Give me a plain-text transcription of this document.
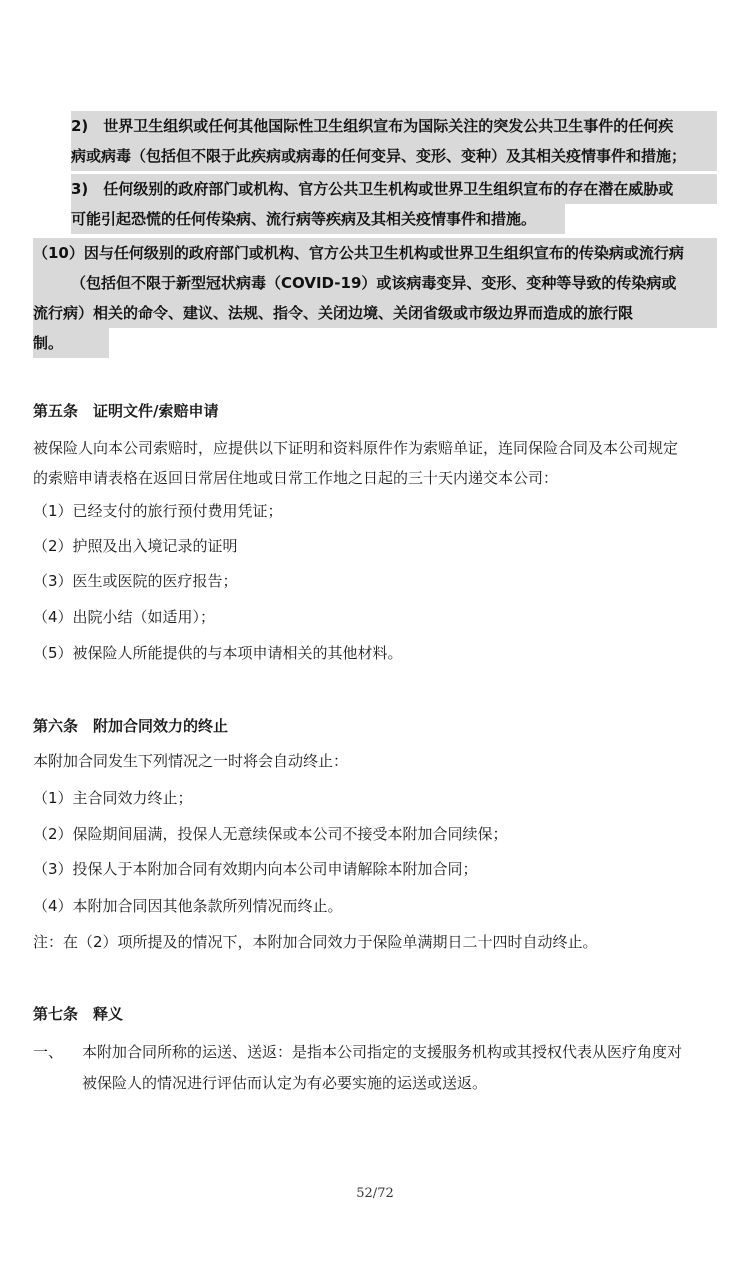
2)　世界卫生组织或任何其他国际性卫生组织宣布为国际关注的突发公共卫生事件的任何疾
病或病毒（包括但不限于此疾病或病毒的任何变异、变形、变种）及其相关疫情事件和措施；
3)　任何级别的政府部门或机构、官方公共卫生机构或世界卫生组织宣布的存在潜在威胁或
可能引起恐慌的任何传染病、流行病等疾病及其相关疫情事件和措施。
（10）因与任何级别的政府部门或机构、官方公共卫生机构或世界卫生组织宣布的传染病或流行病
（包括但不限于新型冠状病毒（COVID-19）或该病毒变异、变形、变种等导致的传染病或
流行病）相关的命令、建议、法规、指令、关闭边境、关闭省级或市级边界而造成的旅行限
制。
第五条　证明文件/索赔申请
被保险人向本公司索赔时，应提供以下证明和资料原件作为索赔单证，连同保险合同及本公司规定
的索赔申请表格在返回日常居住地或日常工作地之日起的三十天内递交本公司：
（1）已经支付的旅行预付费用凭证；
（2）护照及出入境记录的证明
（3）医生或医院的医疗报告；
（4）出院小结（如适用）；
（5）被保险人所能提供的与本项申请相关的其他材料。
第六条　附加合同效力的终止
本附加合同发生下列情况之一时将会自动终止：
（1）主合同效力终止；
（2）保险期间届满，投保人无意续保或本公司不接受本附加合同续保；
（3）投保人于本附加合同有效期内向本公司申请解除本附加合同；
（4）本附加合同因其他条款所列情况而终止。
注：在（2）项所提及的情况下，本附加合同效力于保险单满期日二十四时自动终止。
第七条　释义
一、 本附加合同所称的运送、送返：是指本公司指定的支援服务机构或其授权代表从医疗角度对
被保险人的情况进行评估而认定为有必要实施的运送或送返。
52/72
